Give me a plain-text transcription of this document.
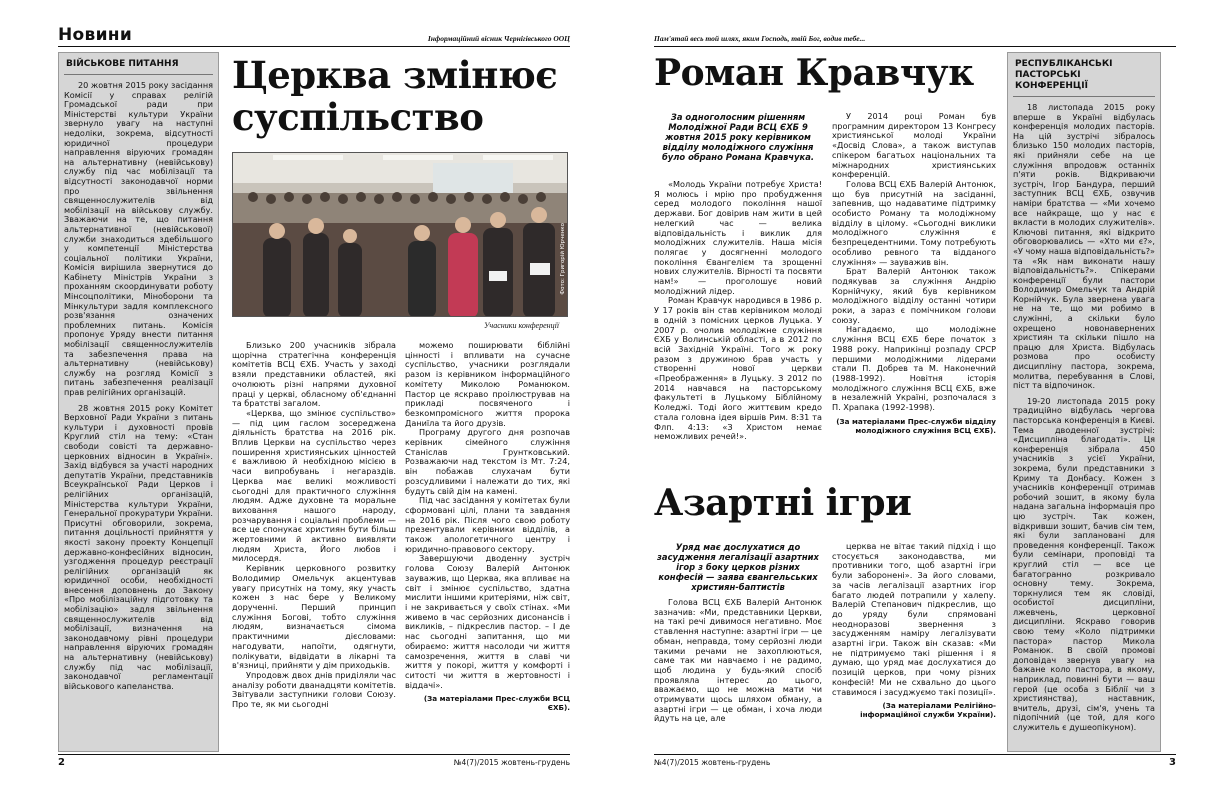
Новини	Інформаційний вісник Чернігівського ООЦ
ВІЙСЬКОВЕ ПИТАННЯ

20 жовтня 2015 року засідання Комісії у справах релігій Громадської ради при Міністерстві культури України звернуло увагу на наступні недоліки, зокрема, відсутності юридичної процедури направлення віруючих громадян на альтернативну (невійськову) службу під час мобілізації та відсутності законодавчої норми про звільнення священнослужителів від мобілізації на військову службу. Зважаючи на те, що питання альтернативної (невійськової) служби знаходиться здебільшого у компетенції Міністерства соціальної політики України, Комісія вирішила звернутися до Кабінету Міністрів України з проханням скоординувати роботу Мінсоцполітики, Міноборони та Мінкультури задля комплексного розв'язання означених проблемних питань. Комісія пропонує Уряду внести питання мобілізації священнослужителів та забезпечення права на альтернативну (невійськову) службу на розгляд Комісії з питань забезпечення реалізації прав релігійних організацій.

28 жовтня 2015 року Комітет Верховної Ради України з питань культури і духовності провів Круглий стіл на тему: «Стан свободи совісті та державно-церковних відносин в Україні». Захід відбувся за участі народних депутатів України, представників Всеукраїнської Ради Церков і релігійних організацій, Міністерства культури України, Генеральної прокуратури України. Присутні обговорили, зокрема, питання доцільності прийняття у якості закону проекту Концепції державно-конфесійних відносин, узгодження процедур реєстрації релігійних організацій як юридичної особи, необхідності внесення доповнень до Закону «Про мобілізаційну підготовку та мобілізацію» задля звільнення священнослужителів від мобілізації, визначення на законодавчому рівні процедури направлення віруючих громадян на альтернативну (невійськову) службу під час мобілізації, законодавчої регламентації військового капеланства.

Церква змінює суспільство
Фото: Григорій Юрченко
Учасники конференції

Близько 200 учасників зібрала щорічна стратегічна конференція комітетів ВСЦ ЄХБ. Участь у заході взяли представники областей, які очолюють різні напрями духовної праці у церкві, обласному об'єднанні та братстві загалом.

«Церква, що змінює суспільство» — під цим гаслом зосереджена діяльність братства на 2016 рік. Вплив Церкви на суспільство через поширення християнських цінностей є важливою й необхідною місією в часи випробувань і негараздів. Церква має великі можливості сьогодні для практичного служіння людям. Адже духовне та моральне виховання нашого народу, розчарування і соціальні проблеми — все це спонукає християн бути більш жертовними й активно виявляти людям Христа, Його любов і милосердя.

Керівник церковного розвитку Володимир Омельчук акцентував увагу присутніх на тому, яку участь кожен з нас бере у Великому дорученні. Перший принцип служіння Богові, тобто служіння людям, визначається сімома практичними дієсловами: нагодувати, напоїти, одягнути, полікувати, відвідати в лікарні та в'язниці, прийняти у дім приходьків.

Упродовж двох днів приділяли час аналізу роботи дванадцяти комітетів. Звітували заступники голови Союзу. Про те, як ми сьогодні

можемо поширювати біблійні цінності і впливати на сучасне суспільство, учасники розглядали разом із керівником інформаційного комітету Миколою Романюком. Пастор це яскраво проілюстрував на прикладі посвяченого і безкомпромісного життя пророка Даниїла та його друзів.

Програму другого дня розпочав керівник сімейного служіння Станіслав Грунтковський. Розважаючи над текстом із Мт. 7:24, він побажав слухачам бути розсудливими і належати до тих, які будуть свій дім на камені.

Під час засідання у комітетах були сформовані цілі, плани та завдання на 2016 рік. Після чого свою роботу презентували керівники відділів, а також апологетичного центру і юридично-правового сектору.

Завершуючи дводенну зустріч голова Союзу Валерій Антонюк зауважив, що Церква, яка впливає на світ і змінює суспільство, здатна мислити іншими критеріями, ніж світ, і не закривається у своїх стінах. «Ми живемо в час серйозних дисонансів і викликів, – підкреслив пастор. – І де нас сьогодні запитання, що ми обираємо: життя насолоди чи життя самозречення, життя в славі чи життя у покорі, життя у комфорті і ситості чи життя в жертовності і віддачі».

(За матеріалами Прес-служби ВСЦ ЄХБ).
2	№4(7)/2015 жовтень-грудень
Пам'ятай весь той шлях, яким Господь, твій Бог, водив тебе...
Роман Кравчук

За одноголосним рішенням Молодіжної Ради ВСЦ ЄХБ 9 жовтня 2015 року керівником відділу молодіжного служіння було обрано Романа Кравчука.

«Молодь України потребує Христа! Я молюсь і мрію про пробудження серед молодого покоління нашої держави. Бог довірив нам жити в цей нелегкий час — велика відповідальність і виклик для молодіжних служителів. Наша місія полягає у досягненні молодого покоління Євангелієм та зрощенні нових служителів. Вірності та посвяти нам!» — проголошує новий молодіжний лідер.

Роман Кравчук народився в 1986 р. У 17 років він став керівником молоді в одній з помісних церков Луцька. У 2007 р. очолив молодіжне служіння ЄХБ у Волинській області, а в 2012 по всій Західній Україні. Того ж року разом з дружиною брав участь у створенні нової церкви «Преображення» в Луцьку. З 2012 по 2014 навчався на пасторському факультеті в Луцькому Біблійному Коледжі. Тоді його життєвим кредо стала головна ідея віршів Рим. 8:31 та Флп. 4:13: «З Христом немає неможливих речей!».

У 2014 році Роман був програмним директором 13 Конгресу християнської молоді України «Досвід Слова», а також виступав спікером багатьох національних та міжнародних християнських конференцій.

Голова ВСЦ ЄХБ Валерій Антонюк, що був присутній на засіданні, запевнив, що надаватиме підтримку особисто Роману та молодіжному відділу в цілому. «Сьогодні виклики молодіжного служіння є безпрецедентними. Тому потребують особливо ревного та відданого служіння» — зауважив він.

Брат Валерій Антонюк також подякував за служіння Андрію Корнійчуку, який був керівником молодіжного відділу останні чотири роки, а зараз є помічником голови союзу.

Нагадаємо, що молодіжне служіння ВСЦ ЄХБ бере початок з 1988 року. Наприкінці розпаду СРСР першими молодіжними лідерами стали П. Добрев та М. Наконечний (1988-1992). Новітня історія молодіжного служіння ВСЦ ЄХБ, вже в незалежній Україні, розпочалася з П. Храпака (1992-1998).

(За матеріалами Прес-служби відділу молодіжного служіння ВСЦ ЄХБ).
Азартні ігри

Уряд має дослухатися до засудження легалізації азартних ігор з боку церков різних конфесій — заява євангельських християн-баптистів

Голова ВСЦ ЄХБ Валерій Антонюк зазначив: «Ми, представники Церкви, на такі речі дивимося негативно. Моє ставлення наступне: азартні ігри — це обман, неправда, тому серйозні люди такими речами не захоплюються, саме так ми навчаємо і не радимо, щоб людина у будь-який спосіб проявляла інтерес до цього, вважаємо, що не можна мати чи отримувати щось шляхом обману, а азартні ігри — це обман, і хоча люди йдуть на це, але

церква не вітає такий підхід і що стосується законодавства, ми противники того, щоб азартні ігри були заборонені». За його словами, за часів легалізації азартних ігор багато людей потрапили у халепу. Валерій Степанович підкреслив, що до уряду були спрямовані неодноразові звернення з засудженням наміру легалізувати азартні ігри. Також він сказав: «Ми не підтримуємо такі рішення і я думаю, що уряд має дослухатися до позицій церков, при чому різних конфесій! Ми не схвально до цього ставимося і засуджуємо такі позиції».

(За матеріалами Релігійно-інформаційної служби України).
РЕСПУБЛІКАНСЬКІ ПАСТОРСЬКІ КОНФЕРЕНЦІЇ

18 листопада 2015 року вперше в Україні відбулась конференція молодих пасторів. На цій зустрічі зібралось близько 150 молодих пасторів, які прийняли себе на це служіння впродовж останніх п'яти років. Відкриваючи зустріч, Ігор Бандура, перший заступник ВСЦ ЄХБ, озвучив наміри братства — «Ми хочемо все найкраще, що у нас є вкласти в молодих служителів». Ключові питання, які відкрито обговорювались — «Хто ми є?», «У чому наша відповідальність?» та «Як нам виконати нашу відповідальність?». Спікерами конференції були пастори Володимир Омельчук та Андрій Корнійчук. Була звернена увага не на те, що ми робимо в служінні, а скільки було охрещено новонавернених християн та скільки пішло на працю для Христа. Відбулась розмова про особисту дисципліну пастора, зокрема, молитва, перебування в Слові, піст та відпочинок.

19-20 листопада 2015 року традиційно відбулась чергова пасторська конференція в Києві. Тема дводенної зустрічі: «Дисципліна благодаті». Ця конференція зібрала 450 учасників з усієї України, зокрема, були представники з Криму та Донбасу. Кожен з учасників конференції отримав робочий зошит, в якому була надана загальна інформація про цю зустріч. Так кожен, відкривши зошит, бачив сім тем, які були заплановані для проведення конференції. Також були семінари, проповіді та круглий стіл — все це багатогранно розкривало основну тему. Зокрема, торкнулися тем як словіді, особистої дисципліни, лжевчень, церковної дисципліни. Яскраво говорив свою тему «Коло підтримки пастора» пастор Микола Романюк. В своїй промові доповідач звернув увагу на бажане коло пастора, в якому, наприклад, повинні бути — ваш герой (це особа з Біблії чи з християнства), наставник, вчитель, друзі, сім'я, учень та підопічний (це той, для кого служитель є душеопікуном).

№4(7)/2015 жовтень-грудень	3
